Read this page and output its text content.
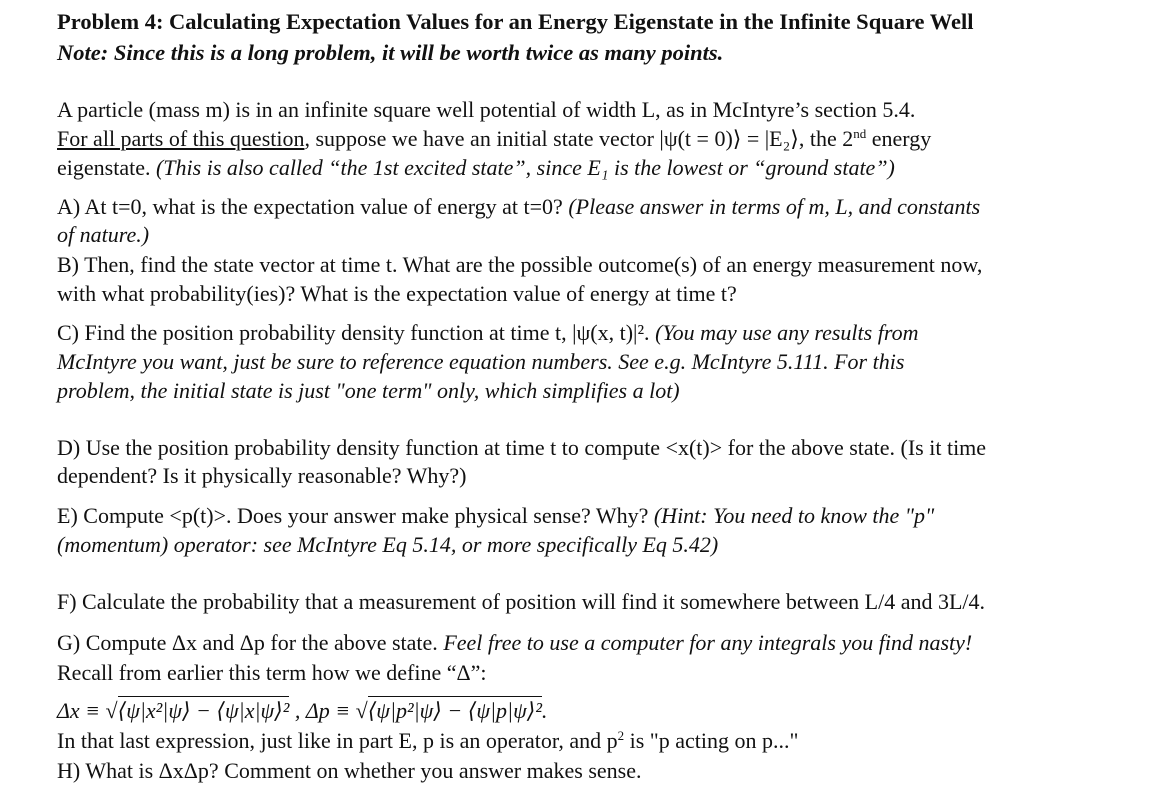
Problem 4: Calculating Expectation Values for an Energy Eigenstate in the Infinite Square Well
Note: Since this is a long problem, it will be worth twice as many points.
A particle (mass m) is in an infinite square well potential of width L, as in McIntyre’s section 5.4.
For all parts of this question, suppose we have an initial state vector |ψ(t = 0)⟩ = |E₂⟩, the 2nd energy
eigenstate. (This is also called “the 1st excited state”, since E₁ is the lowest or “ground state”)
A) At t=0, what is the expectation value of energy at t=0? (Please answer in terms of m, L, and constants
of nature.)
B) Then, find the state vector at time t. What are the possible outcome(s) of an energy measurement now,
with what probability(ies)? What is the expectation value of energy at time t?
C) Find the position probability density function at time t, |ψ(x, t)|². (You may use any results from
McIntyre you want, just be sure to reference equation numbers. See e.g. McIntyre 5.111. For this
problem, the initial state is just "one term" only, which simplifies a lot)
D) Use the position probability density function at time t to compute <x(t)> for the above state. (Is it time
dependent? Is it physically reasonable? Why?)
E) Compute <p(t)>. Does your answer make physical sense? Why? (Hint: You need to know the "p"
(momentum) operator: see McIntyre Eq 5.14, or more specifically Eq 5.42)
F) Calculate the probability that a measurement of position will find it somewhere between L/4 and 3L/4.
G) Compute Δx and Δp for the above state. Feel free to use a computer for any integrals you find nasty!
Recall from earlier this term how we define “Δ”:
Δx ≡ √⟨ψ|x²|ψ⟩ − ⟨ψ|x|ψ⟩² , Δp ≡ √⟨ψ|p²|ψ⟩ − ⟨ψ|p|ψ⟩².
In that last expression, just like in part E, p is an operator, and $p^2$ is "p acting on p..."
H) What is ΔxΔp? Comment on whether you answer makes sense.
